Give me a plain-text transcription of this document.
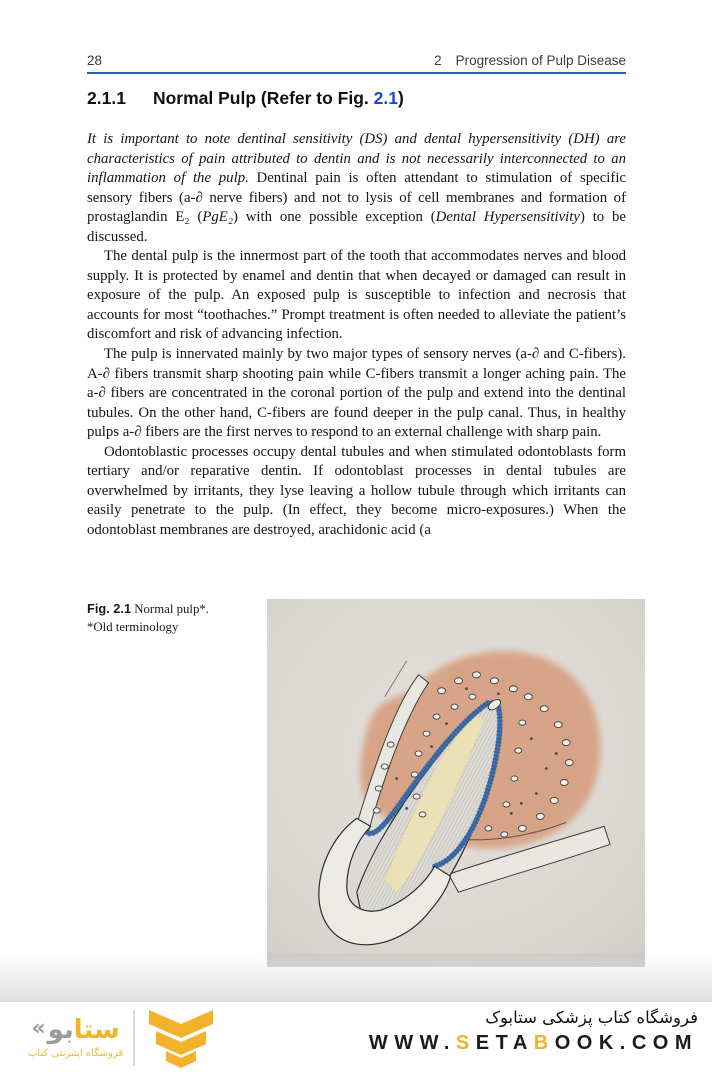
28	2 Progression of Pulp Disease
2.1.1 Normal Pulp (Refer to Fig. 2.1)

It is important to note dentinal sensitivity (DS) and dental hypersensitivity (DH) are characteristics of pain attributed to dentin and is not necessarily interconnected to an inflammation of the pulp. Dentinal pain is often attendant to stimulation of specific sensory fibers (a-∂ nerve fibers) and not to lysis of cell membranes and formation of prostaglandin E₂ (PgE₂) with one possible exception (Dental Hypersensitivity) to be discussed.

The dental pulp is the innermost part of the tooth that accommodates nerves and blood supply. It is protected by enamel and dentin that when decayed or damaged can result in exposure of the pulp. An exposed pulp is susceptible to infection and necrosis that accounts for most “toothaches.” Prompt treatment is often needed to alleviate the patient’s discomfort and risk of advancing infection.

The pulp is innervated mainly by two major types of sensory nerves (a-∂ and C-fibers). A-∂ fibers transmit sharp shooting pain while C-fibers transmit a longer aching pain. The a-∂ fibers are concentrated in the coronal portion of the pulp and extend into the dentinal tubules. On the other hand, C-fibers are found deeper in the pulp canal. Thus, in healthy pulps a-∂ fibers are the first nerves to respond to an external challenge with sharp pain.

Odontoblastic processes occupy dental tubules and when stimulated odontoblasts form tertiary and/or reparative dentin. If odontoblast processes in dental tubules are overwhelmed by irritants, they lyse leaving a hollow tubule through which irritants can easily penetrate to the pulp. (In effect, they become micro-exposures.) When the odontoblast membranes are destroyed, arachidonic acid (a

Fig. 2.1 Normal pulp*.
*Old terminology
«	ستابو
فروشگاه اینترنتی کتاب
فروشگاه کتاب پزشکی ستابوک
WWW.SETABOOK.COM
